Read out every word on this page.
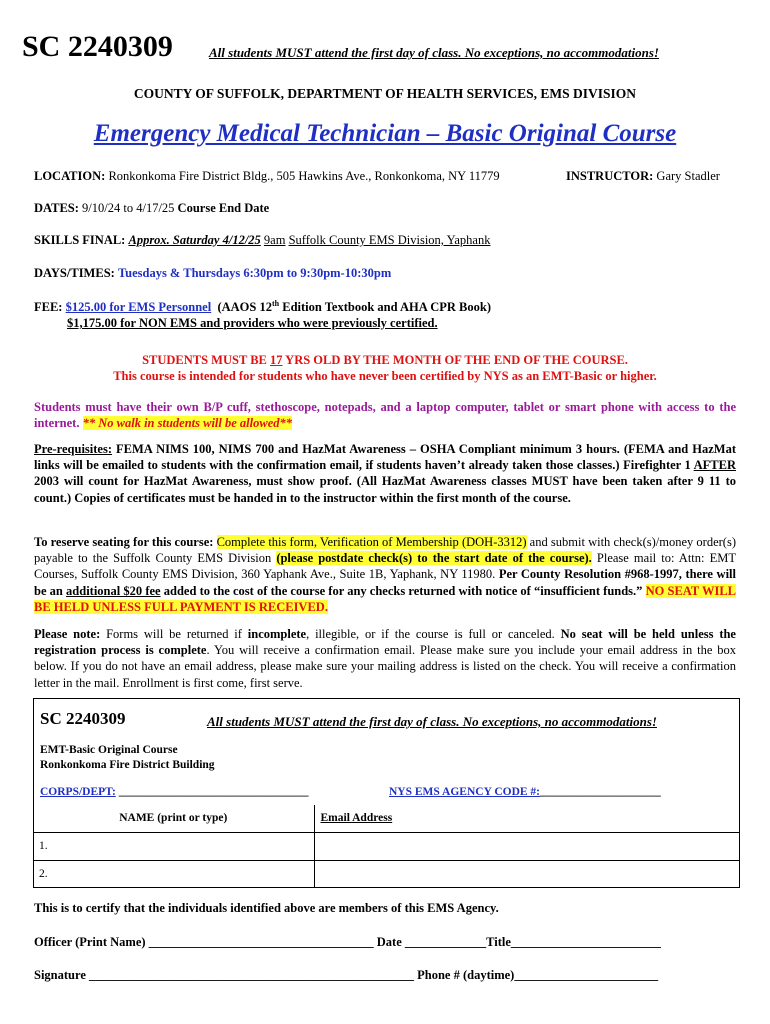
SC 2240309	All students MUST attend the first day of class. No exceptions, no accommodations!
COUNTY OF SUFFOLK, DEPARTMENT OF HEALTH SERVICES, EMS DIVISION
Emergency Medical Technician – Basic Original Course
LOCATION: Ronkonkoma Fire District Bldg., 505 Hawkins Ave., Ronkonkoma, NY 11779	INSTRUCTOR: Gary Stadler
DATES: 9/10/24 to 4/17/25 Course End Date
SKILLS FINAL: Approx. Saturday 4/12/25 9am Suffolk County EMS Division, Yaphank
DAYS/TIMES: Tuesdays & Thursdays 6:30pm to 9:30pm-10:30pm
FEE: $125.00 for EMS Personnel (AAOS 12th Edition Textbook and AHA CPR Book)
$1,175.00 for NON EMS and providers who were previously certified.
STUDENTS MUST BE 17 YRS OLD BY THE MONTH OF THE END OF THE COURSE.
This course is intended for students who have never been certified by NYS as an EMT-Basic or higher.
Students must have their own B/P cuff, stethoscope, notepads, and a laptop computer, tablet or smart phone with access to the internet. ** No walk in students will be allowed**
Pre-requisites: FEMA NIMS 100, NIMS 700 and HazMat Awareness – OSHA Compliant minimum 3 hours. (FEMA and HazMat links will be emailed to students with the confirmation email, if students haven’t already taken those classes.) Firefighter 1 AFTER 2003 will count for HazMat Awareness, must show proof. (All HazMat Awareness classes MUST have been taken after 9 11 to count.) Copies of certificates must be handed in to the instructor within the first month of the course.
To reserve seating for this course: Complete this form, Verification of Membership (DOH-3312) and submit with check(s)/money order(s) payable to the Suffolk County EMS Division (please postdate check(s) to the start date of the course). Please mail to: Attn: EMT Courses, Suffolk County EMS Division, 360 Yaphank Ave., Suite 1B, Yaphank, NY 11980. Per County Resolution #968-1997, there will be an additional $20 fee added to the cost of the course for any checks returned with notice of “insufficient funds.” NO SEAT WILL BE HELD UNLESS FULL PAYMENT IS RECEIVED.
Please note: Forms will be returned if incomplete, illegible, or if the course is full or canceled. No seat will be held unless the registration process is complete. You will receive a confirmation email. Please make sure you include your email address in the box below. If you do not have an email address, please make sure your mailing address is listed on the check. You will receive a confirmation letter in the mail. Enrollment is first come, first serve.
SC 2240309	All students MUST attend the first day of class. No exceptions, no accommodations!
EMT-Basic Original Course
Ronkonkoma Fire District Building
CORPS/DEPT: _________________________________	NYS EMS AGENCY CODE #:_____________________
NAME (print or type)	Email Address
1.	
2.	
This is to certify that the individuals identified above are members of this EMS Agency.
Officer (Print Name) ____________________________________ Date _____________Title________________________
Signature ____________________________________________________ Phone # (daytime)_______________________
